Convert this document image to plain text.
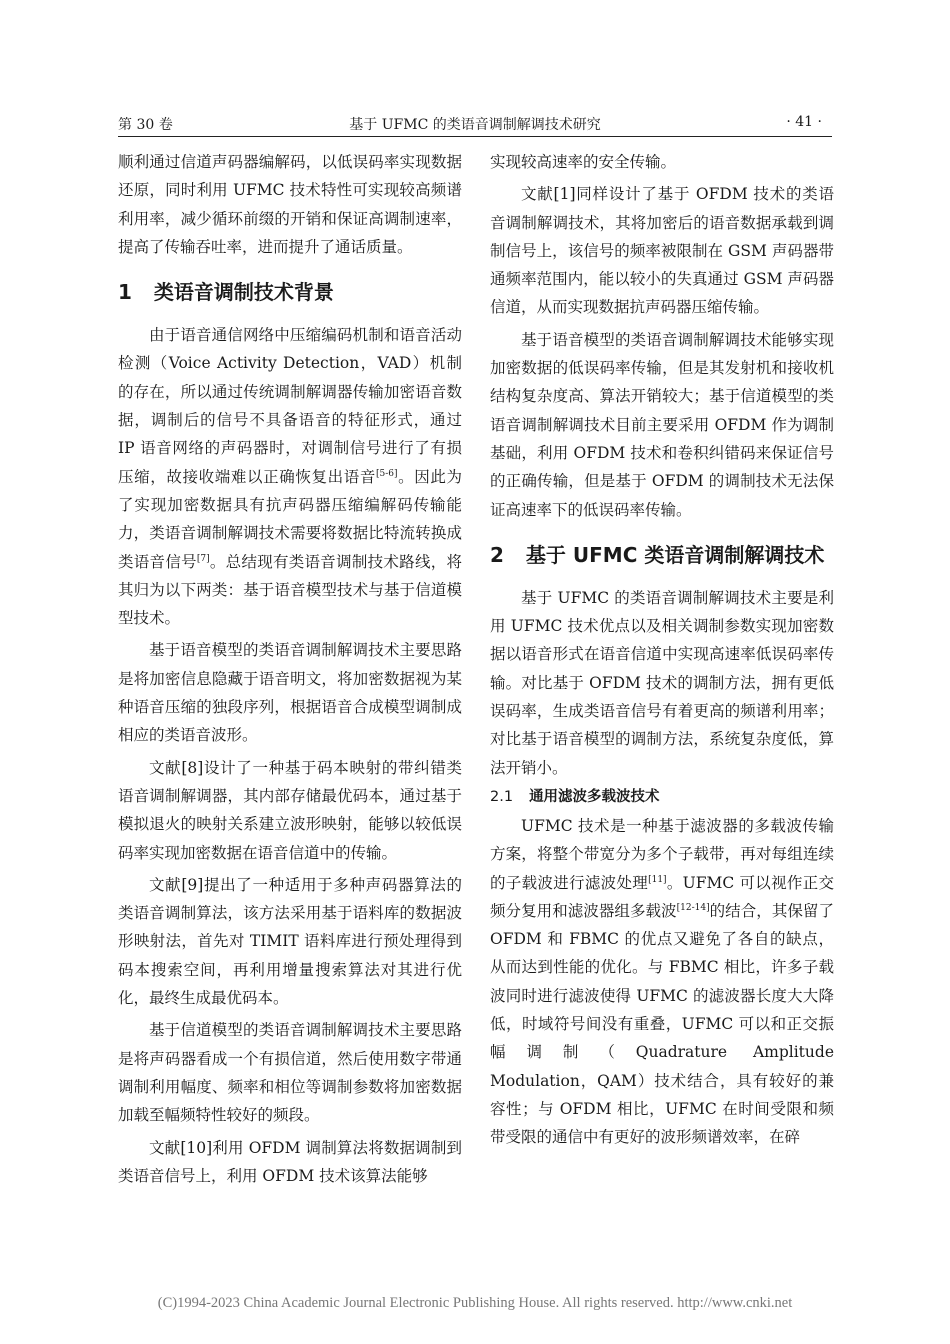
第 30 卷	基于 UFMC 的类语音调制解调技术研究	· 41 ·

顺利通过信道声码器编解码，以低误码率实现数据还原，同时利用 UFMC 技术特性可实现较高频谱利用率，减少循环前缀的开销和保证高调制速率，提高了传输吞吐率，进而提升了通话质量。

1 类语音调制技术背景

由于语音通信网络中压缩编码机制和语音活动检测（Voice Activity Detection，VAD）机制的存在，所以通过传统调制解调器传输加密语音数据，调制后的信号不具备语音的特征形式，通过 IP 语音网络的声码器时，对调制信号进行了有损压缩，故接收端难以正确恢复出语音[5-6]。因此为了实现加密数据具有抗声码器压缩编解码传输能力，类语音调制解调技术需要将数据比特流转换成类语音信号[7]。总结现有类语音调制技术路线，将其归为以下两类：基于语音模型技术与基于信道模型技术。

基于语音模型的类语音调制解调技术主要思路是将加密信息隐藏于语音明文，将加密数据视为某种语音压缩的独段序列，根据语音合成模型调制成相应的类语音波形。

文献[8]设计了一种基于码本映射的带纠错类语音调制解调器，其内部存储最优码本，通过基于模拟退火的映射关系建立波形映射，能够以较低误码率实现加密数据在语音信道中的传输。

文献[9]提出了一种适用于多种声码器算法的类语音调制算法，该方法采用基于语料库的数据波形映射法，首先对 TIMIT 语料库进行预处理得到码本搜索空间，再利用增量搜索算法对其进行优化，最终生成最优码本。

基于信道模型的类语音调制解调技术主要思路是将声码器看成一个有损信道，然后使用数字带通调制利用幅度、频率和相位等调制参数将加密数据加载至幅频特性较好的频段。

文献[10]利用 OFDM 调制算法将数据调制到类语音信号上，利用 OFDM 技术该算法能够

实现较高速率的安全传输。

文献[1]同样设计了基于 OFDM 技术的类语音调制解调技术，其将加密后的语音数据承载到调制信号上，该信号的频率被限制在 GSM 声码器带通频率范围内，能以较小的失真通过 GSM 声码器信道，从而实现数据抗声码器压缩传输。

基于语音模型的类语音调制解调技术能够实现加密数据的低误码率传输，但是其发射机和接收机结构复杂度高、算法开销较大；基于信道模型的类语音调制解调技术目前主要采用 OFDM 作为调制基础，利用 OFDM 技术和卷积纠错码来保证信号的正确传输，但是基于 OFDM 的调制技术无法保证高速率下的低误码率传输。

2 基于 UFMC 类语音调制解调技术

基于 UFMC 的类语音调制解调技术主要是利用 UFMC 技术优点以及相关调制参数实现加密数据以语音形式在语音信道中实现高速率低误码率传输。对比基于 OFDM 技术的调制方法，拥有更低误码率，生成类语音信号有着更高的频谱利用率；对比基于语音模型的调制方法，系统复杂度低，算法开销小。

2.1 通用滤波多载波技术

UFMC 技术是一种基于滤波器的多载波传输方案，将整个带宽分为多个子载带，再对每组连续的子载波进行滤波处理[11]。UFMC 可以视作正交频分复用和滤波器组多载波[12-14]的结合，其保留了 OFDM 和 FBMC 的优点又避免了各自的缺点，从而达到性能的优化。与 FBMC 相比，许多子载波同时进行滤波使得 UFMC 的滤波器长度大大降低，时域符号间没有重叠，UFMC 可以和正交振幅调制（Quadrature Amplitude Modulation，QAM）技术结合，具有较好的兼容性；与 OFDM 相比，UFMC 在时间受限和频带受限的通信中有更好的波形频谱效率，在碎

(C)1994-2023 China Academic Journal Electronic Publishing House. All rights reserved. http://www.cnki.net
